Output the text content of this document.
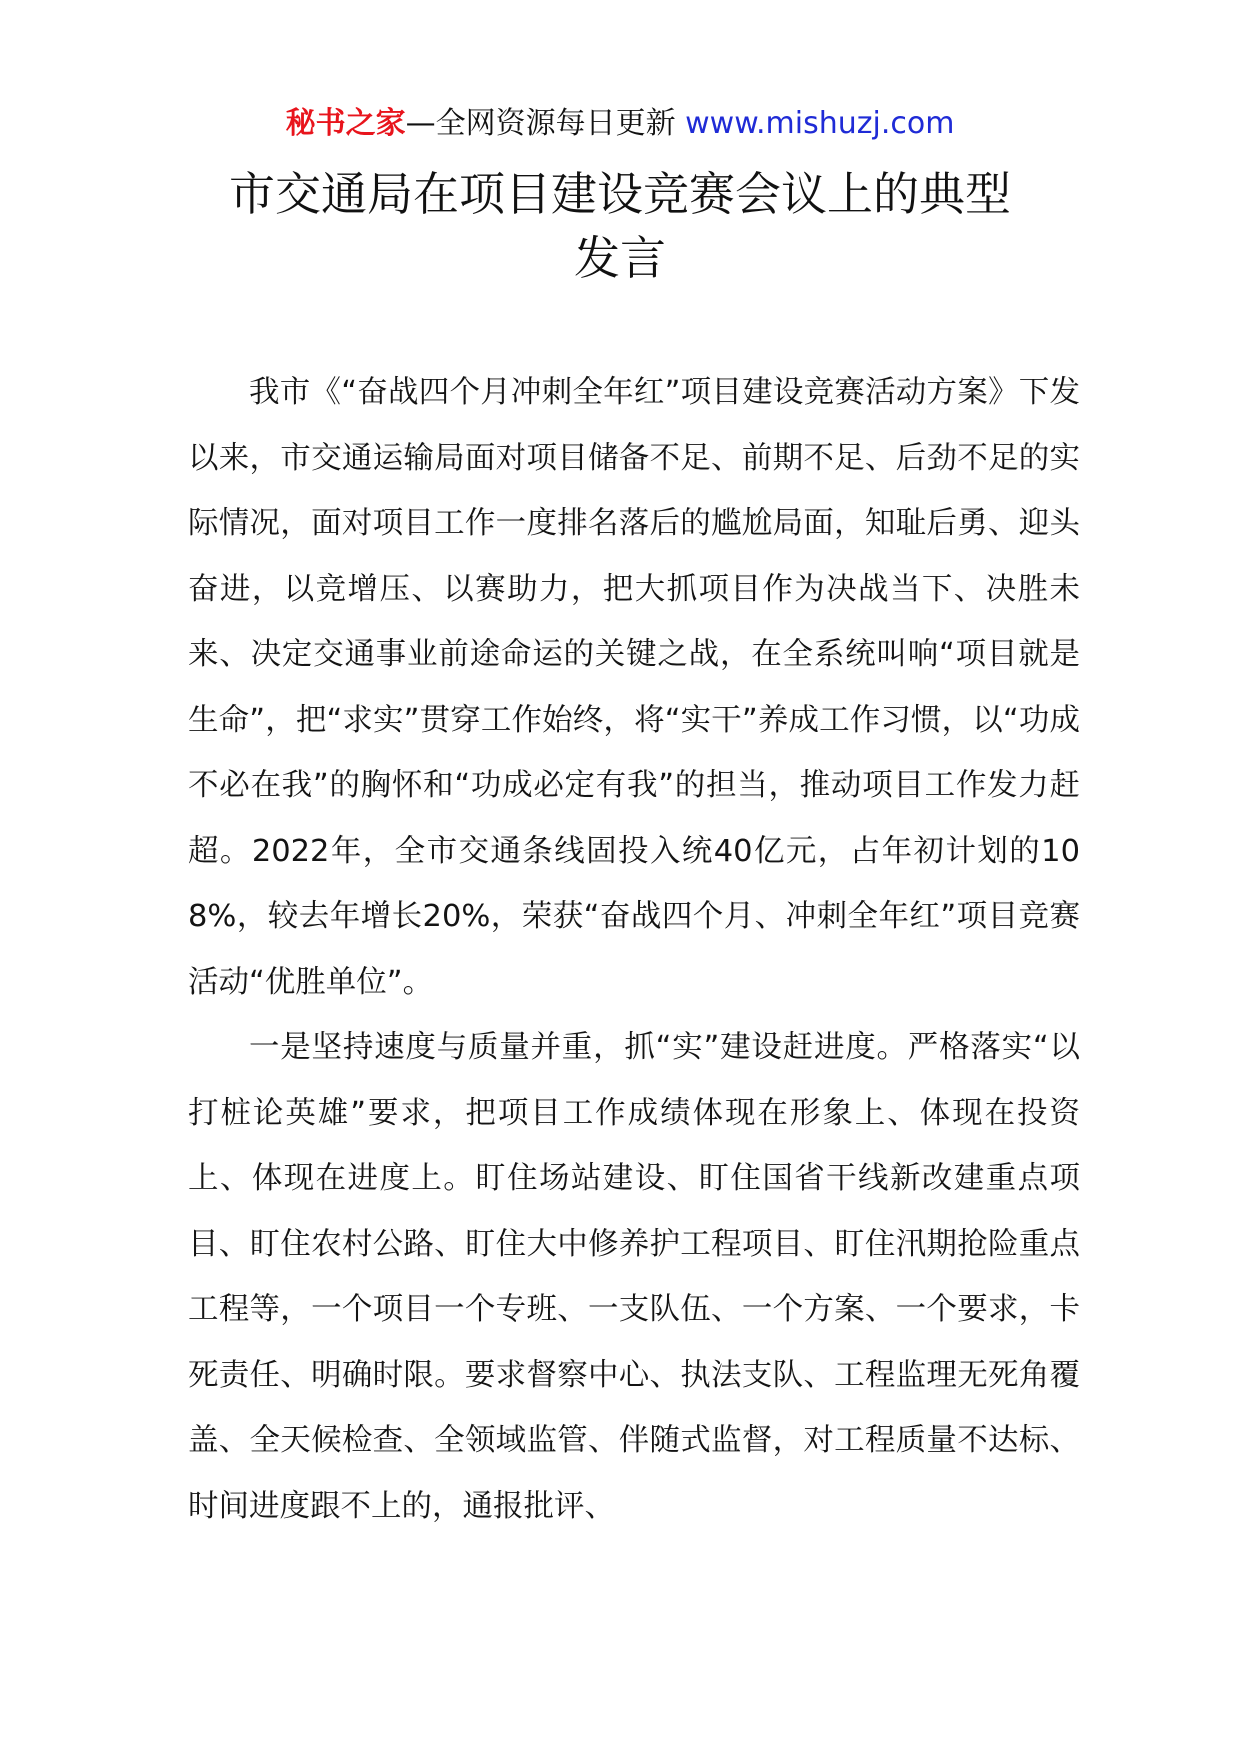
秘书之家—全网资源每日更新 www.mishuzj.com
市交通局在项目建设竞赛会议上的典型
发言

我市《“奋战四个月冲刺全年红”项目建设竞赛活动方案》下发以来，市交通运输局面对项目储备不足、前期不足、后劲不足的实际情况，面对项目工作一度排名落后的尴尬局面，知耻后勇、迎头奋进，以竞增压、以赛助力，把大抓项目作为决战当下、决胜未来、决定交通事业前途命运的关键之战，在全系统叫响“项目就是生命”，把“求实”贯穿工作始终，将“实干”养成工作习惯，以“功成不必在我”的胸怀和“功成必定有我”的担当，推动项目工作发力赶超。2022年，全市交通条线固投入统40亿元，占年初计划的108%，较去年增长20%，荣获“奋战四个月、冲刺全年红”项目竞赛活动“优胜单位”。

一是坚持速度与质量并重，抓“实”建设赶进度。严格落实“以打桩论英雄”要求，把项目工作成绩体现在形象上、体现在投资上、体现在进度上。盯住场站建设、盯住国省干线新改建重点项目、盯住农村公路、盯住大中修养护工程项目、盯住汛期抢险重点工程等，一个项目一个专班、一支队伍、一个方案、一个要求，卡死责任、明确时限。要求督察中心、执法支队、工程监理无死角覆盖、全天候检查、全领域监管、伴随式监督，对工程质量不达标、时间进度跟不上的，通报批评、
